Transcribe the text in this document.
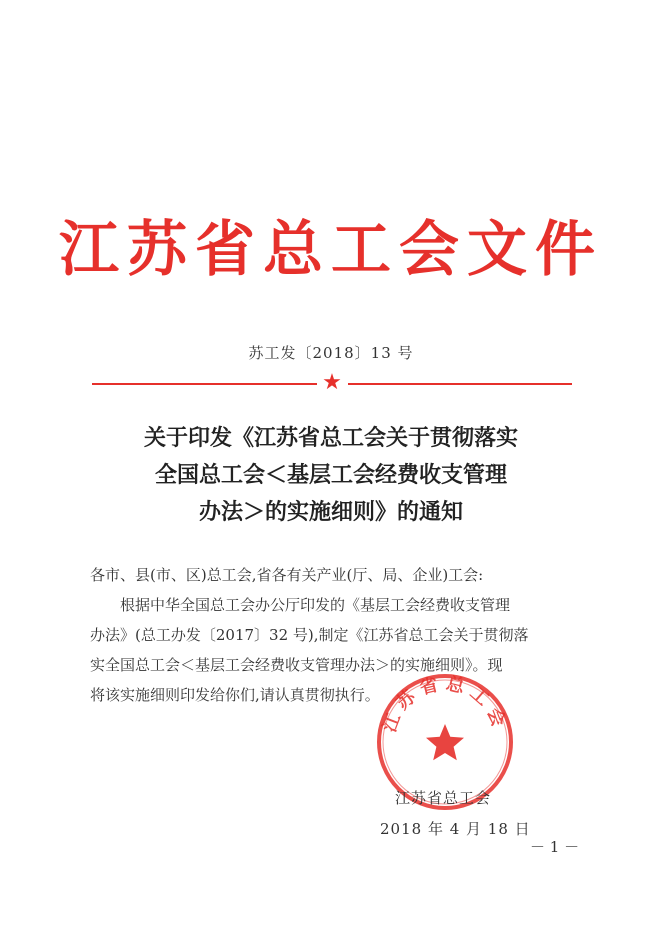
江苏省总工会文件
苏工发〔2018〕13 号
★
关于印发《江苏省总工会关于贯彻落实
全国总工会＜基层工会经费收支管理
办法＞的实施细则》的通知
各市、县(市、区)总工会,省各有关产业(厅、局、企业)工会:
根据中华全国总工会办公厅印发的《基层工会经费收支管理
办法》(总工办发〔2017〕32 号),制定《江苏省总工会关于贯彻落
实全国总工会＜基层工会经费收支管理办法＞的实施细则》。现
将该实施细则印发给你们,请认真贯彻执行。
江苏省总工会
江苏省总工会
2018 年 4 月 18 日
－ 1 －
